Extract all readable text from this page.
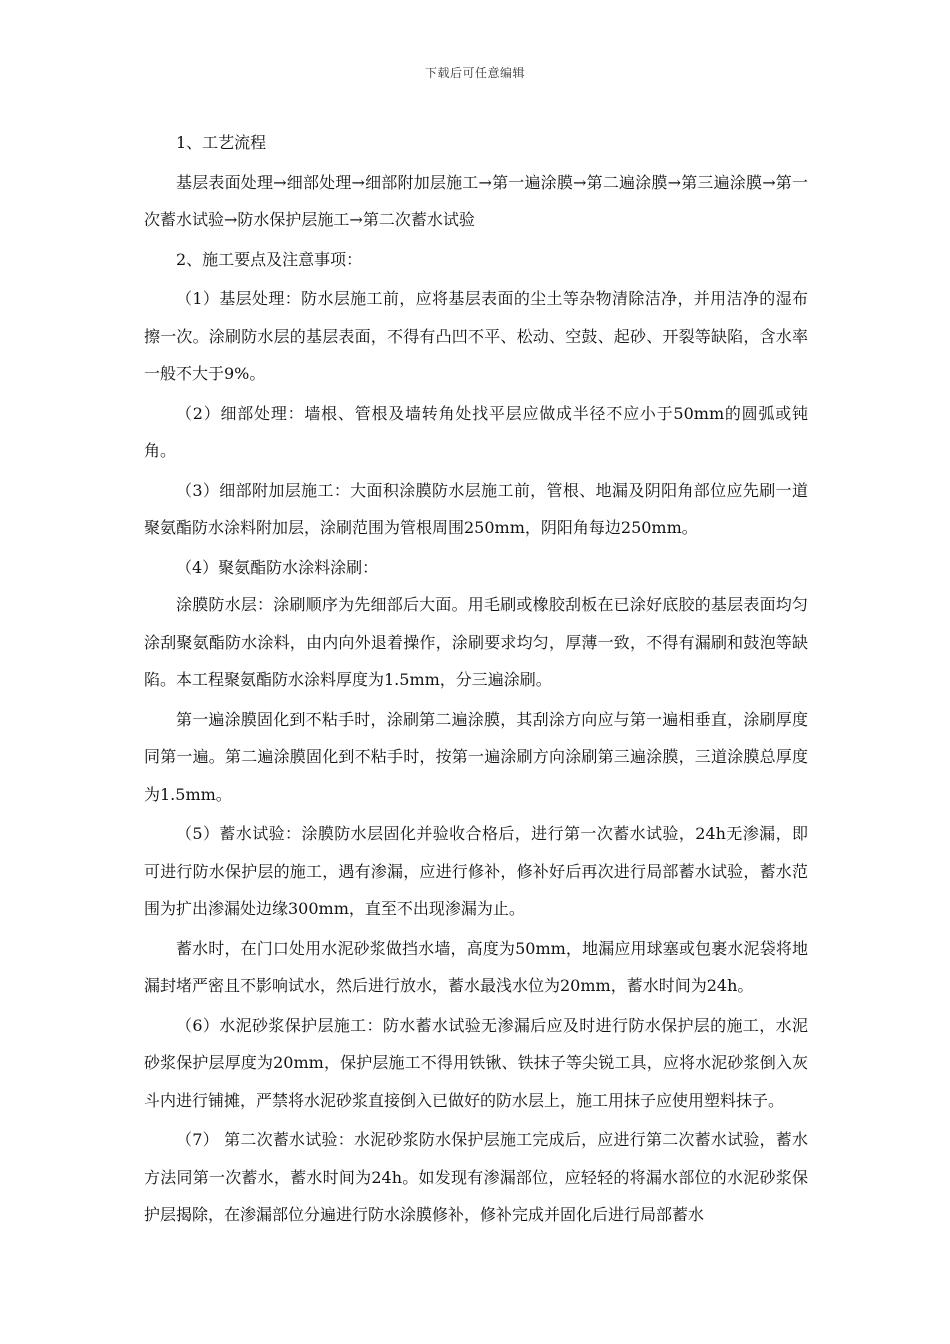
下载后可任意编辑

1、工艺流程

基层表面处理→细部处理→细部附加层施工→第一遍涂膜→第二遍涂膜→第三遍涂膜→第一次蓄水试验→防水保护层施工→第二次蓄水试验

2、施工要点及注意事项：

（1）基层处理：防水层施工前，应将基层表面的尘土等杂物清除洁净，并用洁净的湿布擦一次。涂刷防水层的基层表面，不得有凸凹不平、松动、空鼓、起砂、开裂等缺陷，含水率一般不大于9%。

（2）细部处理：墙根、管根及墙转角处找平层应做成半径不应小于50mm的圆弧或钝角。

（3）细部附加层施工：大面积涂膜防水层施工前，管根、地漏及阴阳角部位应先刷一道聚氨酯防水涂料附加层，涂刷范围为管根周围250mm，阴阳角每边250mm。

（4）聚氨酯防水涂料涂刷：

涂膜防水层：涂刷顺序为先细部后大面。用毛刷或橡胶刮板在已涂好底胶的基层表面均匀涂刮聚氨酯防水涂料，由内向外退着操作，涂刷要求均匀，厚薄一致，不得有漏刷和鼓泡等缺陷。本工程聚氨酯防水涂料厚度为1.5mm，分三遍涂刷。

第一遍涂膜固化到不粘手时，涂刷第二遍涂膜，其刮涂方向应与第一遍相垂直，涂刷厚度同第一遍。第二遍涂膜固化到不粘手时，按第一遍涂刷方向涂刷第三遍涂膜，三道涂膜总厚度为1.5mm。

（5）蓄水试验：涂膜防水层固化并验收合格后，进行第一次蓄水试验，24h无渗漏，即可进行防水保护层的施工，遇有渗漏，应进行修补，修补好后再次进行局部蓄水试验，蓄水范围为扩出渗漏处边缘300mm，直至不出现渗漏为止。

蓄水时，在门口处用水泥砂浆做挡水墙，高度为50mm，地漏应用球塞或包裹水泥袋将地漏封堵严密且不影响试水，然后进行放水，蓄水最浅水位为20mm，蓄水时间为24h。

（6）水泥砂浆保护层施工：防水蓄水试验无渗漏后应及时进行防水保护层的施工，水泥砂浆保护层厚度为20mm，保护层施工不得用铁锹、铁抹子等尖锐工具，应将水泥砂浆倒入灰斗内进行铺摊，严禁将水泥砂浆直接倒入已做好的防水层上，施工用抹子应使用塑料抹子。

（7） 第二次蓄水试验：水泥砂浆防水保护层施工完成后，应进行第二次蓄水试验，蓄水方法同第一次蓄水，蓄水时间为24h。如发现有渗漏部位，应轻轻的将漏水部位的水泥砂浆保护层揭除，在渗漏部位分遍进行防水涂膜修补，修补完成并固化后进行局部蓄水
